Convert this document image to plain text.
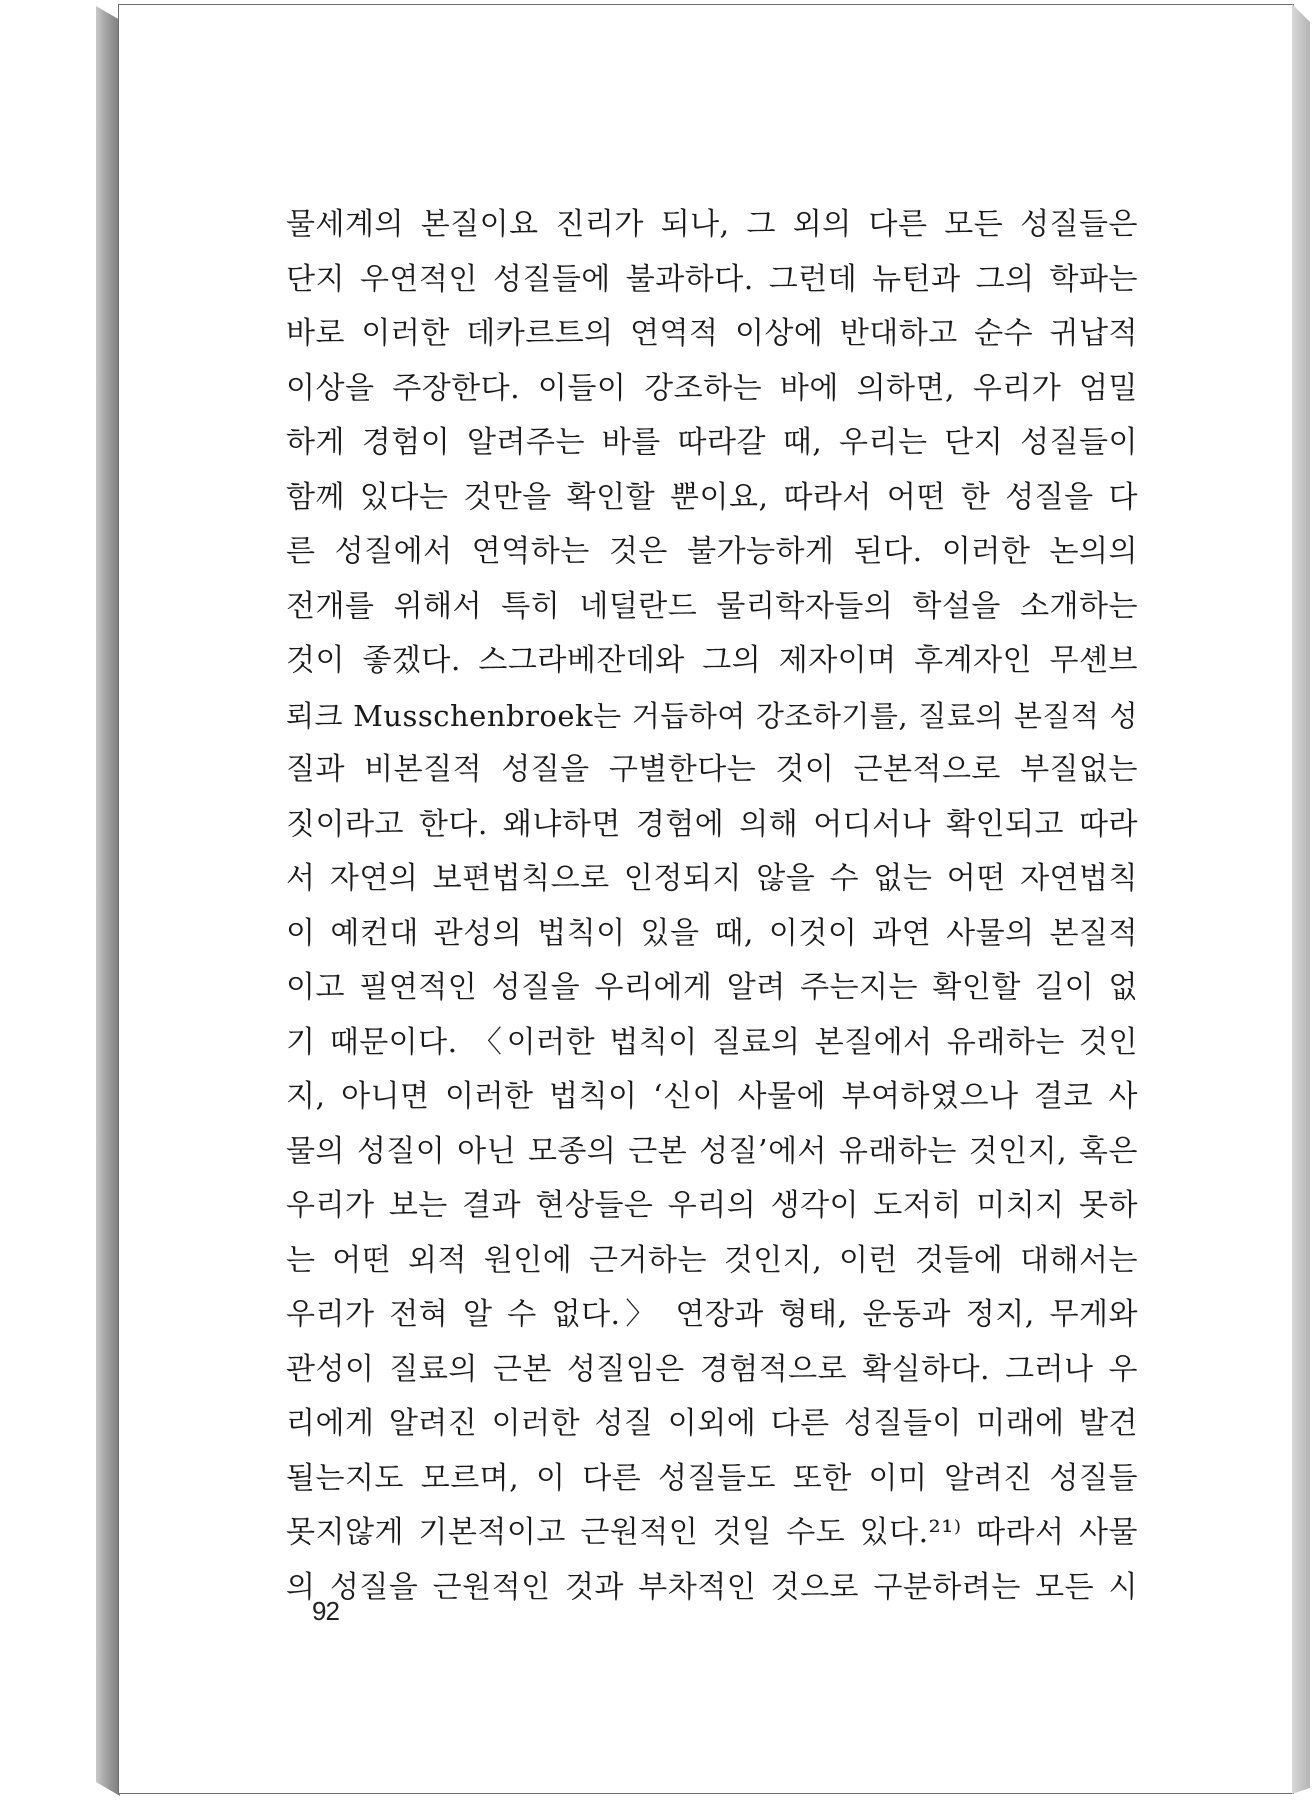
물세계의 본질이요 진리가 되나, 그 외의 다른 모든 성질들은
단지 우연적인 성질들에 불과하다. 그런데 뉴턴과 그의 학파는
바로 이러한 데카르트의 연역적 이상에 반대하고 순수 귀납적
이상을 주장한다. 이들이 강조하는 바에 의하면, 우리가 엄밀
하게 경험이 알려주는 바를 따라갈 때, 우리는 단지 성질들이
함께 있다는 것만을 확인할 뿐이요, 따라서 어떤 한 성질을 다
른 성질에서 연역하는 것은 불가능하게 된다. 이러한 논의의
전개를 위해서 특히 네덜란드 물리학자들의 학설을 소개하는
것이 좋겠다. 스그라베잔데와 그의 제자이며 후계자인 무셴브
뢰크 Musschenbroek는 거듭하여 강조하기를, 질료의 본질적 성
질과 비본질적 성질을 구별한다는 것이 근본적으로 부질없는
짓이라고 한다. 왜냐하면 경험에 의해 어디서나 확인되고 따라
서 자연의 보편법칙으로 인정되지 않을 수 없는 어떤 자연법칙
이 예컨대 관성의 법칙이 있을 때, 이것이 과연 사물의 본질적
이고 필연적인 성질을 우리에게 알려 주는지는 확인할 길이 없
기 때문이다. 〈이러한 법칙이 질료의 본질에서 유래하는 것인
지, 아니면 이러한 법칙이 ‘신이 사물에 부여하였으나 결코 사
물의 성질이 아닌 모종의 근본 성질’에서 유래하는 것인지, 혹은
우리가 보는 결과 현상들은 우리의 생각이 도저히 미치지 못하
는 어떤 외적 원인에 근거하는 것인지, 이런 것들에 대해서는
우리가 전혀 알 수 없다.〉 연장과 형태, 운동과 정지, 무게와
관성이 질료의 근본 성질임은 경험적으로 확실하다. 그러나 우
리에게 알려진 이러한 성질 이외에 다른 성질들이 미래에 발견
될는지도 모르며, 이 다른 성질들도 또한 이미 알려진 성질들
못지않게 기본적이고 근원적인 것일 수도 있다.²¹⁾ 따라서 사물
의 성질을 근원적인 것과 부차적인 것으로 구분하려는 모든 시
92
